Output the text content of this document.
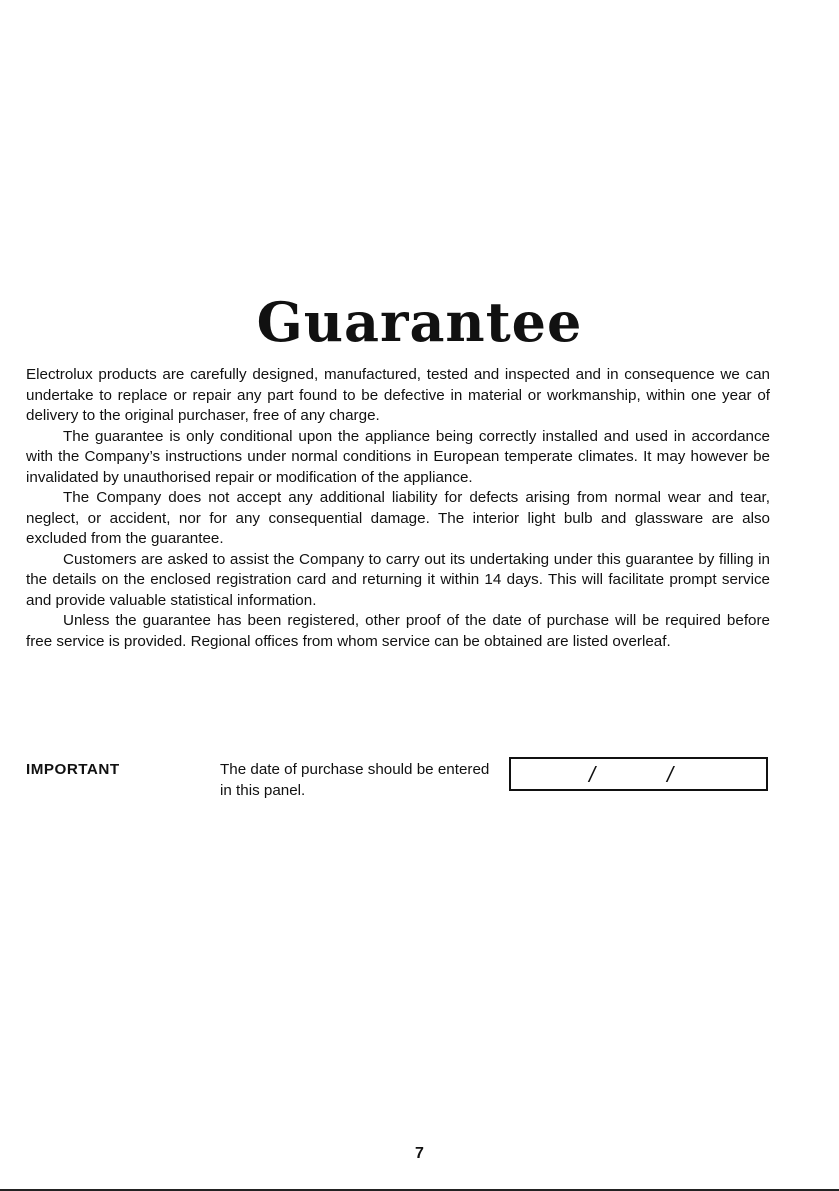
Guarantee

Electrolux products are carefully designed, manufactured, tested and inspected and in consequence we can undertake to replace or repair any part found to be defective in material or workmanship, within one year of delivery to the original purchaser, free of any charge.

The guarantee is only conditional upon the appliance being correctly installed and used in accordance with the Company’s instructions under normal conditions in European temperate climates. It may however be invalidated by unauthorised repair or modification of the appliance.

The Company does not accept any additional liability for defects arising from normal wear and tear, neglect, or accident, nor for any consequential damage. The interior light bulb and glassware are also excluded from the guarantee.

Customers are asked to assist the Company to carry out its undertaking under this guarantee by filling in the details on the enclosed registration card and returning it within 14 days. This will facilitate prompt service and provide valuable statistical information.

Unless the guarantee has been registered, other proof of the date of purchase will be required before free service is provided. Regional offices from whom service can be obtained are listed overleaf.

IMPORTANT	The date of purchase should be entered in this panel.
/	/
7
